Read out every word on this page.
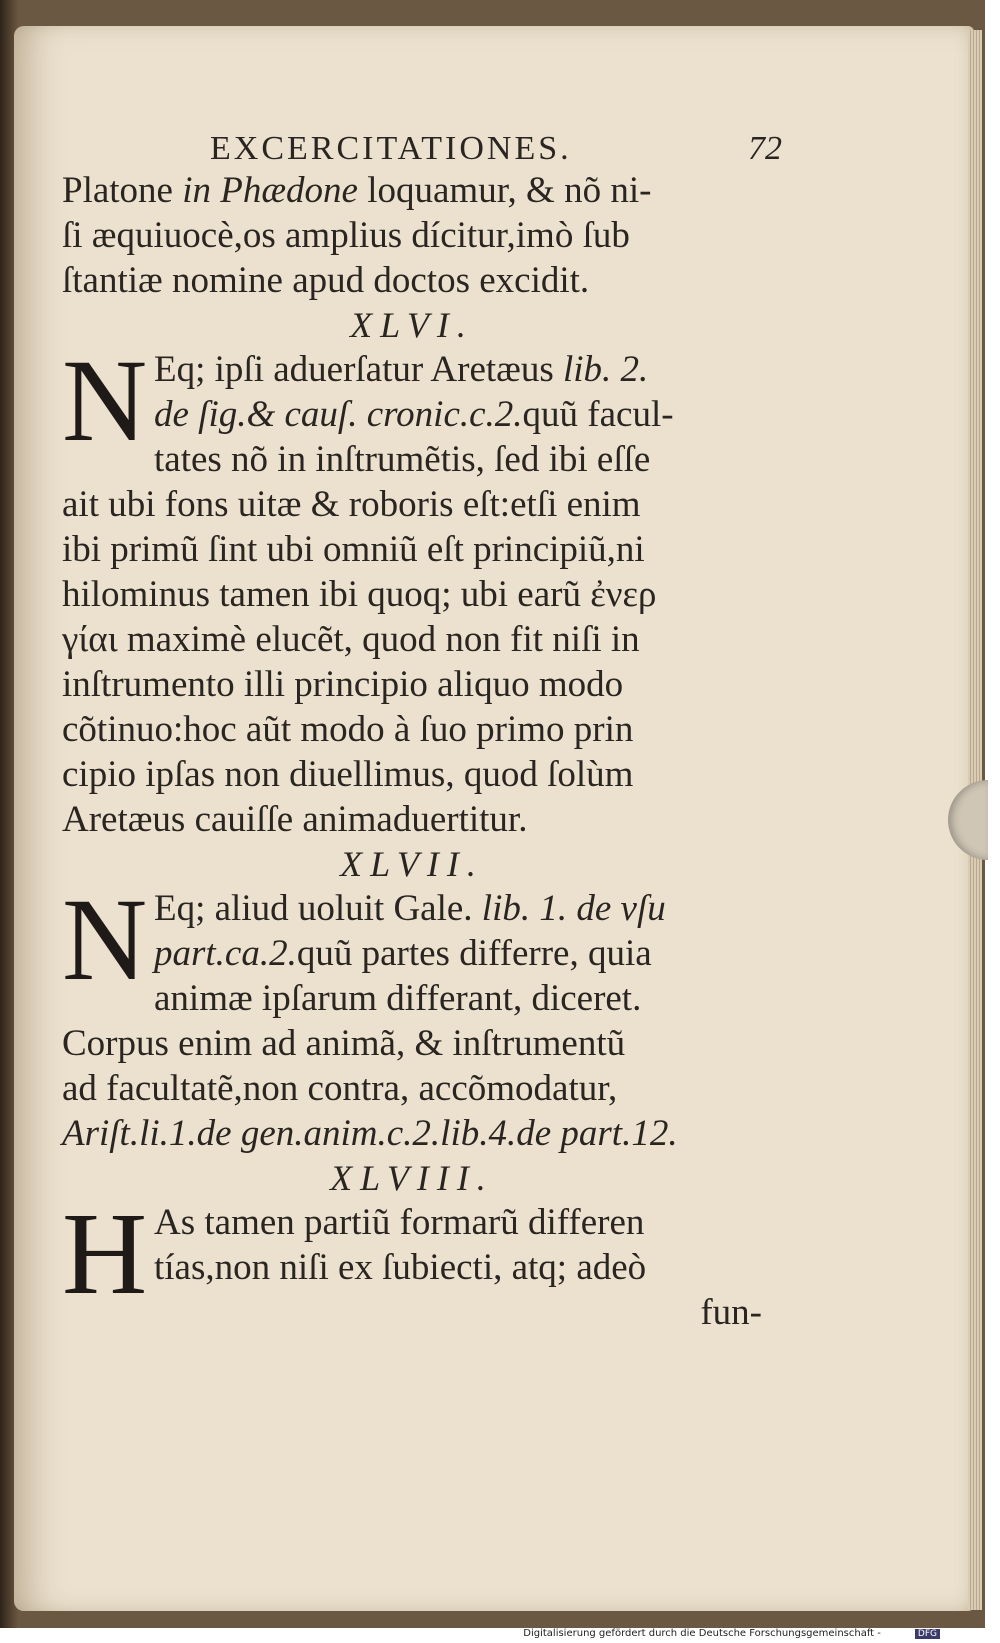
EXCERCITATIONES.	72
Platone in Phædone loquamur, & nõ ni-
ſi æquiuocè,os amplius dícitur,imò ſub
ſtantiæ nomine apud doctos excidit.
XLVI.
N Eq; ipſi aduerſatur Aretæus lib. 2.
de ſig.& cauſ. cronic.c.2.quũ facul-
tates nõ in inſtrumẽtis, ſed ibi eſſe
ait ubi fons uitæ & roboris eſt:etſi enim
ibi primũ ſint ubi omniũ eſt principiũ,ni
hilominus tamen ibi quoq; ubi earũ ἐνερ
γίαι maximè elucẽt, quod non fit niſi in
inſtrumento illi principio aliquo modo
cõtinuo:hoc aũt modo à ſuo primo prin
cipio ipſas non diuellimus, quod ſolùm
Aretæus cauiſſe animaduertitur.
XLVII.
N Eq; aliud uoluit Gale. lib. 1. de vſu
part.ca.2.quũ partes differre, quia
animæ ipſarum differant, diceret.
Corpus enim ad animã, & inſtrumentũ
ad facultatẽ,non contra, accõmodatur,
Ariſt.li.1.de gen.anim.c.2.lib.4.de part.12.
XLVIII.
H As tamen partiũ formarũ differen
tías,non niſi ex ſubiecti, atq; adeò
fun-
Digitalisierung gefördert durch die Deutsche Forschungsgemeinschaft -	DFG
